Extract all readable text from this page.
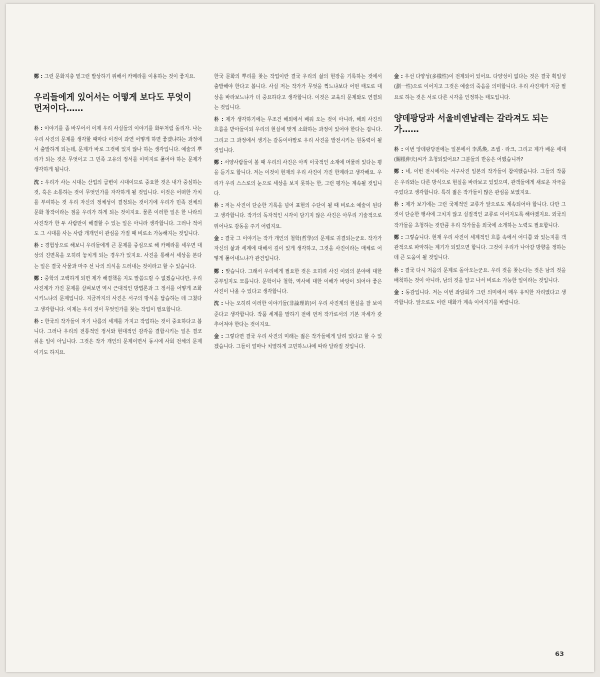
鄭 : 그런 문화지층 밑그런 발상하기 위해서 카메라를 이용하는 것이 좋지요.
우리들에게 있어서는 어떻게 보다도 무엇이 먼저이다……
朴 : 이야기를 좀 바꾸어서 이제 우리 사실들의 이야기를 화두처럼 돌리자. 나는 우리 사진의 문제를 생각할 때마다 이것이 과연 어떻게 하면 좋겠냐하는 과정에서 출발하게 되는데, 문제가 바로 그것에 있지 않나 하는 생각입니다. 예술의 뿌리가 되는 것은 무엇이고 그 민족 고유의 정서를 이미지로 풀어야 하는 문제가 생각하게 됩니다.
沈 : 우리가 사는 시대는 산업의 급변이 시대이므로 중요한 것은 내가 중심하는 것, 혹은 소통하는 것이 무엇인가를 자각하게 될 것입니다. 이것은 어떠한 가치를 부여하는 것 우리 자신의 정체성이 결정되는 것이기에 우리가 민족 전체의 문화 창작이라는 점을 우리가 하게 되는 것이지요. 물론 이러한 일은 한 나라의 사진작가 한 두 사람만이 해결할 수 있는 일은 아니라 생각합니다. 그러나 적어도 그 시대를 사는 사람 개개인이 관심을 가질 때 비로소 가능해지는 것입니다.
朴 : 경험상으로 해보니 우리들에게 큰 문제를 중심으로 해 카메라를 세우면 대상의 진면목을 오히려 놓치게 되는 경우가 있지요. 사진을 통해서 세상을 본다는 일은 결국 사물과 마주 선 나의 의식을 드러내는 것이라고 할 수 있습니다.
鄭 : 중학의 고백하게 되면 제가 해결책을 지도 말씀드릴 수 없겠습니다만, 우리 사진계가 가진 문제를 살펴보면 역시 근대적인 방법론과 그 정서를 어떻게 조화시키느냐의 문제입니다. 지금까지의 사진은 서구의 방식을 답습하는 데 그쳤다고 생각합니다. 이제는 우리 것이 무엇인가를 찾는 작업이 필요합니다.
朴 : 한국의 작가들이 자기 나름의 세계를 가지고 작업하는 것이 중요하다고 봅니다. 그러나 우리의 전통적인 정서와 현대적인 감각을 결합시키는 일은 결코 쉬운 일이 아닙니다. 그것은 작가 개인의 문제이면서 동시에 사회 전체의 문제이기도 하지요.
한국 문화의 뿌리를 찾는 작업이란 결국 우리의 삶의 현장을 기록하는 것에서 출발해야 한다고 봅니다. 사실 저는 작가가 무엇을 찍느냐보다 어떤 태도로 대상을 바라보느냐가 더 중요하다고 생각합니다. 이것은 교육의 문제와도 연결되는 것입니다.
朴 : 제가 생각하기에는 무조건 해외에서 배워 오는 것이 아니라, 해외 사진의 흐름을 받아들이되 우리의 현실에 맞게 소화하는 과정이 있어야 한다는 겁니다. 그리고 그 과정에서 생기는 갈등이야말로 우리 사진을 발전시키는 원동력이 될 것입니다.
鄭 : 서양사람들이 볼 때 우리의 사진은 아직 이국적인 소재에 머물러 있다는 평을 듣기도 합니다. 저는 이것이 현재의 우리 사진이 가진 한계라고 생각해요. 우리가 우리 스스로의 눈으로 세상을 보지 못하는 한, 그런 평가는 계속될 것입니다.
朴 : 저는 사진이 단순한 기록을 넘어 표현의 수단이 될 때 비로소 예술이 된다고 생각합니다. 작가의 독자적인 시각이 담기지 않은 사진은 아무리 기술적으로 뛰어나도 감동을 주기 어렵지요.
金 : 결국 그 이야기는 작가 개인의 철학(哲學)의 문제로 귀결되는군요. 작가가 자신의 삶과 세계에 대해서 깊이 있게 생각하고, 그것을 사진이라는 매체로 어떻게 풀어내느냐가 관건입니다.
鄭 : 맞습니다. 그래서 우리에게 필요한 것은 오히려 사진 이외의 분야에 대한 공부일지도 모릅니다. 문학이나 철학, 역사에 대한 이해가 바탕이 되어야 좋은 사진이 나올 수 있다고 생각합니다.
沈 : 나는 오히려 이러한 이야기들(非論理的)이 우리 사진계의 현실을 잘 보여 준다고 생각합니다. 작품 세계를 말하기 전에 먼저 작가로서의 기본 자세가 갖추어져야 한다는 것이지요.
金 : 그렇다면 결국 우리 사진의 미래는 젊은 작가들에게 달려 있다고 할 수 있겠습니다. 그들이 얼마나 치열하게 고민하느냐에 따라 달라질 것입니다.
金 : 우선 다양성(多樣性)이 전제되어 있어요. 다양성이 없다는 것은 결국 획일성(劃一性)으로 이어지고 그것은 예술의 죽음을 의미합니다. 우리 사진계가 지금 필요로 하는 것은 서로 다른 시각을 인정하는 태도입니다.
양데팡당과 서울비엔날레는 갈라져도 되는가……
朴 : 이번 앙데팡당전에는 일본에서 李禹煥, 조셉 · 라크, 그리고 제가 배운 세대(關根伸夫)씨가 초청되었어요? 그분들의 반응은 어땠습니까?
鄭 : 네, 이번 전시에서는 서구사진 일본의 작가들이 참여했습니다. 그들의 작품은 우리와는 다른 방식으로 현실을 바라보고 있었으며, 관객들에게 새로운 자극을 주었다고 생각합니다. 특히 젊은 작가들이 많은 관심을 보였지요.
朴 : 제가 보기에는 그런 국제적인 교류가 앞으로도 계속되어야 합니다. 다만 그것이 단순한 행사에 그치지 않고 실질적인 교류로 이어지도록 해야겠지요. 외국의 작가들을 초청하는 것만큼 우리 작가들을 외국에 소개하는 노력도 필요합니다.
鄭 : 그렇습니다. 현재 우리 사진이 세계적인 흐름 속에서 어디쯤 와 있는지를 객관적으로 파악하는 계기가 되었으면 합니다. 그것이 우리가 나아갈 방향을 정하는 데 큰 도움이 될 것입니다.
朴 : 결국 다시 처음의 문제로 돌아오는군요. 우리 것을 찾는다는 것은 남의 것을 배척하는 것이 아니라, 남의 것을 알고 나서 비로소 가능한 일이라는 것입니다.
金 : 동감입니다. 저는 이번 좌담회가 그런 의미에서 매우 유익한 자리였다고 생각합니다. 앞으로도 이런 대화가 계속 이어지기를 바랍니다.
63
